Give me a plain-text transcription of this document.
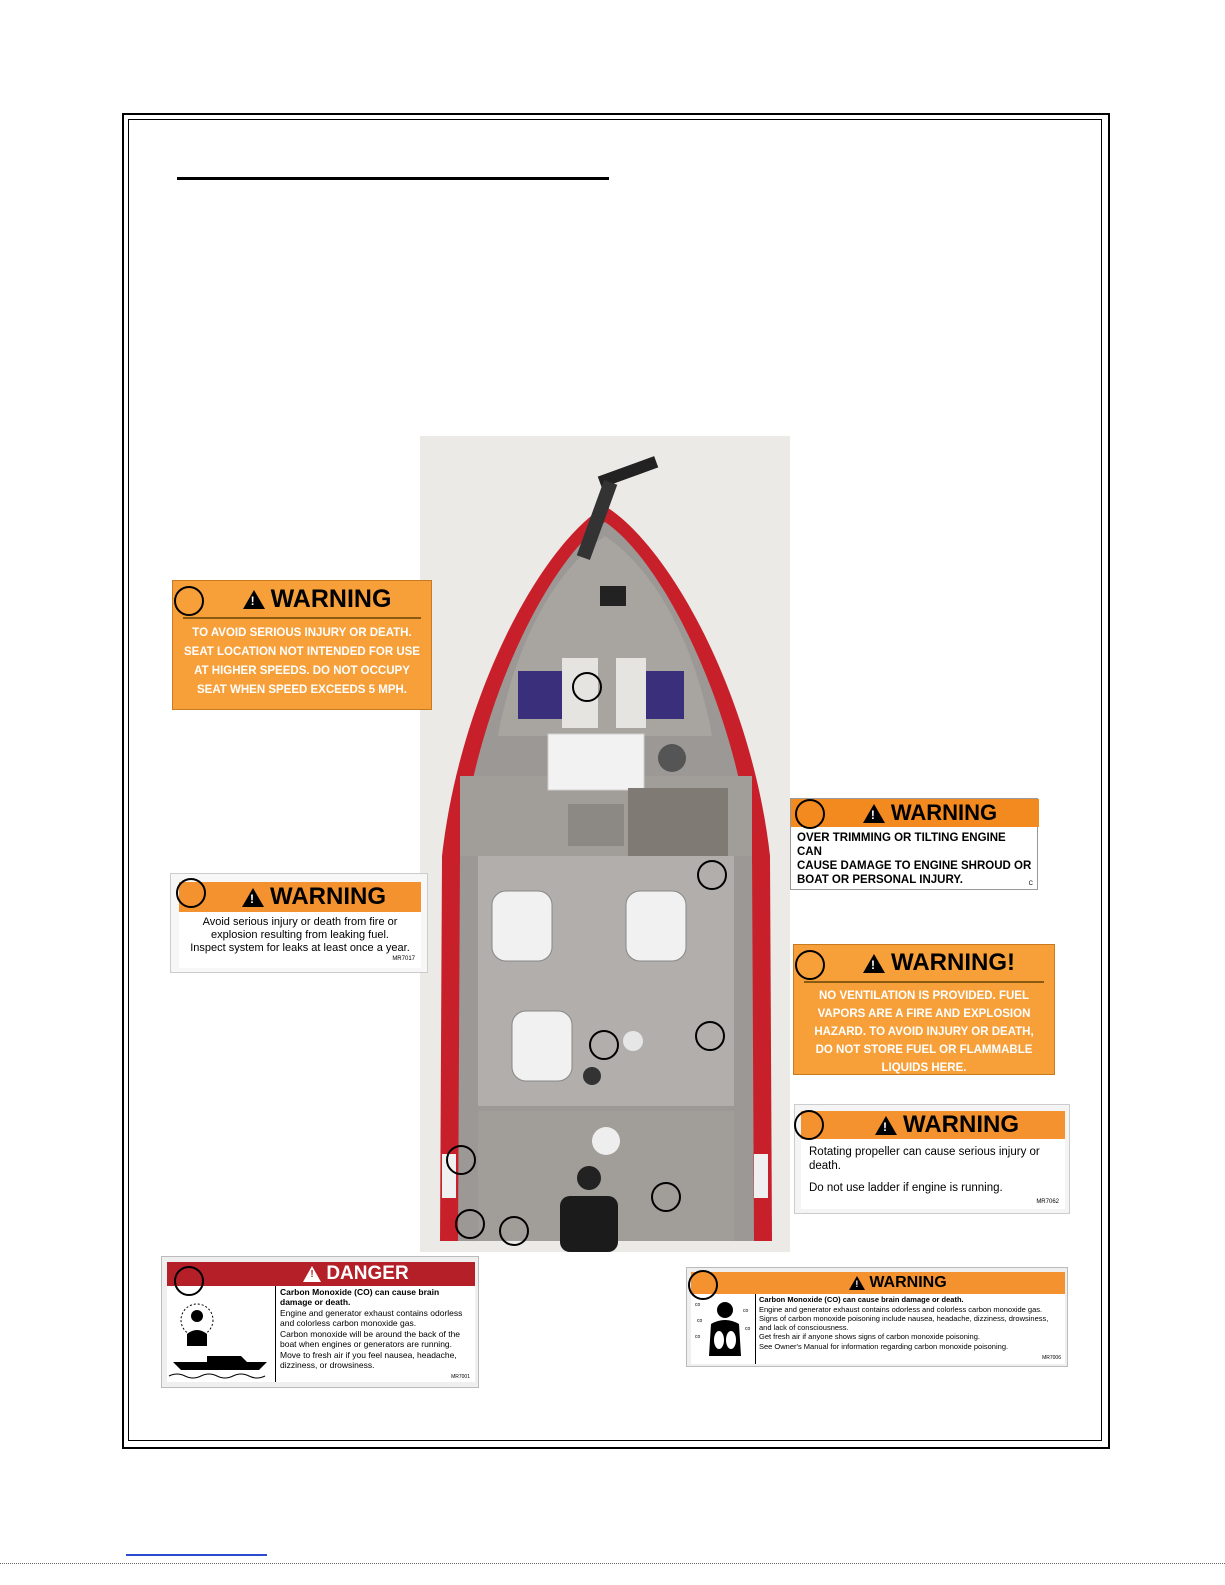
!
WARNING
TO AVOID SERIOUS INJURY OR DEATH.
SEAT LOCATION NOT INTENDED FOR USE
AT HIGHER SPEEDS. DO NOT OCCUPY
SEAT WHEN SPEED EXCEEDS 5 MPH.
!
WARNING
Avoid serious injury or death from fire or
explosion resulting from leaking fuel.
Inspect system for leaks at least once a year.
MR7017
!
WARNING
OVER TRIMMING OR TILTING ENGINE CAN
CAUSE DAMAGE TO ENGINE SHROUD OR
BOAT OR PERSONAL INJURY.	C
!
WARNING!
NO VENTILATION IS PROVIDED. FUEL
VAPORS ARE A FIRE AND EXPLOSION
HAZARD. TO AVOID INJURY OR DEATH,
DO NOT STORE FUEL OR FLAMMABLE
LIQUIDS HERE.
!
WARNING

Rotating propeller can cause serious injury or death.

Do not use ladder if engine is running.

MR7062
!
DANGER

Carbon Monoxide (CO) can cause brain damage or death.

Engine and generator exhaust contains odorless and colorless carbon monoxide gas.

Carbon monoxide will be around the back of the boat when engines or generators are running.

Move to fresh air if you feel nausea, headache, dizziness, or drowsiness.

MR7001
!
WARNING
co
co
co
co
co

Carbon Monoxide (CO) can cause brain damage or death.

Engine and generator exhaust contains odorless and colorless carbon monoxide gas.

Signs of carbon monoxide poisoning include nausea, headache, dizziness, drowsiness, and lack of consciousness.

Get fresh air if anyone shows signs of carbon monoxide poisoning.

See Owner's Manual for information regarding carbon monoxide poisoning.

MR7006
